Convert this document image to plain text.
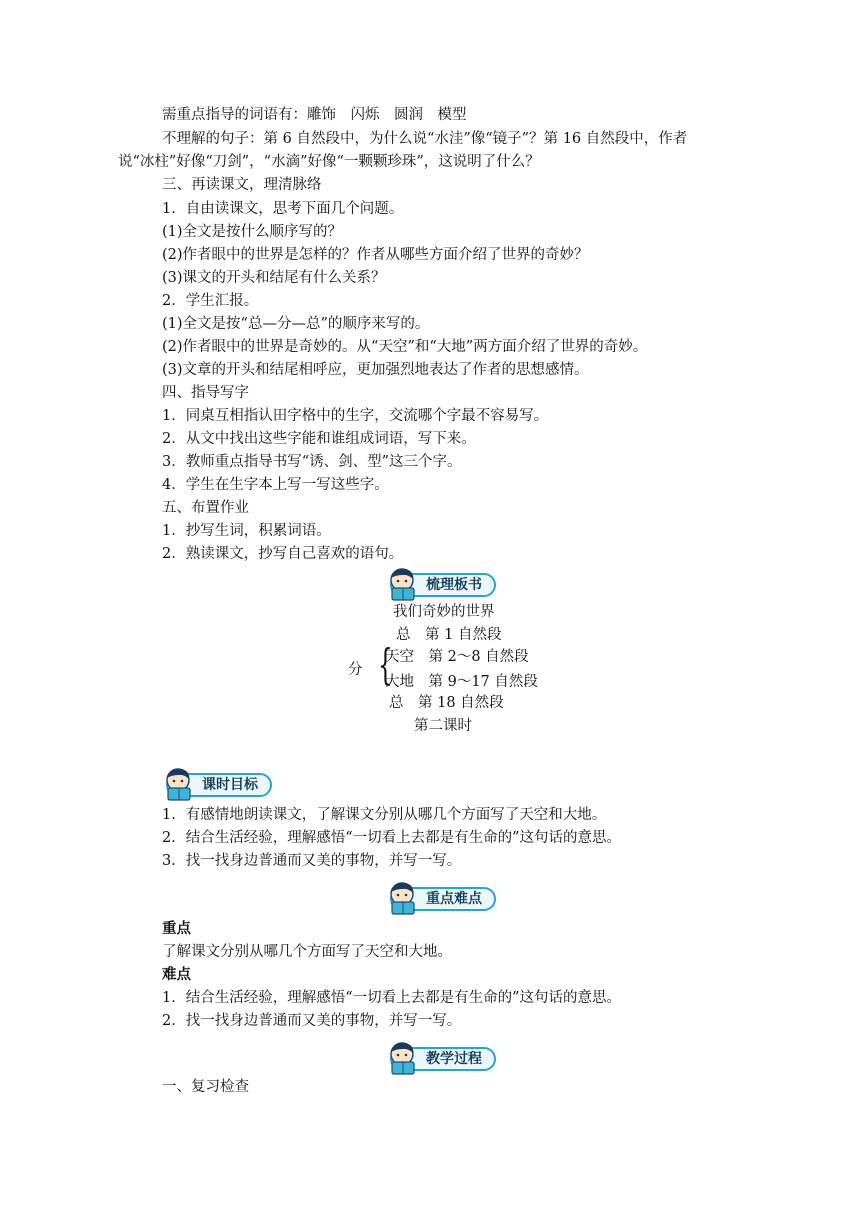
需重点指导的词语有：雕饰　闪烁　圆润　模型
不理解的句子：第 6 自然段中，为什么说“水洼”像“镜子”？第 16 自然段中，作者
说“冰柱”好像“刀剑”，“水滴”好像“一颗颗珍珠”，这说明了什么？
三、再读课文，理清脉络
1．自由读课文，思考下面几个问题。
(1)全文是按什么顺序写的？
(2)作者眼中的世界是怎样的？作者从哪些方面介绍了世界的奇妙？
(3)课文的开头和结尾有什么关系？
2．学生汇报。
(1)全文是按“总—分—总”的顺序来写的。
(2)作者眼中的世界是奇妙的。从“天空”和“大地”两方面介绍了世界的奇妙。
(3)文章的开头和结尾相呼应，更加强烈地表达了作者的思想感情。
四、指导写字
1．同桌互相指认田字格中的生字，交流哪个字最不容易写。
2．从文中找出这些字能和谁组成词语，写下来。
3．教师重点指导书写“诱、剑、型”这三个字。
4．学生在生字本上写一写这些字。
五、布置作业
1．抄写生词，积累词语。
2．熟读课文，抄写自己喜欢的语句。
梳理板书
我们奇妙的世界
总　第 1 自然段
分 {
天空　第 2～8 自然段
大地　第 9～17 自然段
总　第 18 自然段
第二课时
课时目标
1．有感情地朗读课文，了解课文分别从哪几个方面写了天空和大地。
2．结合生活经验，理解感悟“一切看上去都是有生命的”这句话的意思。
3．找一找身边普通而又美的事物，并写一写。
重点难点
重点
了解课文分别从哪几个方面写了天空和大地。
难点
1．结合生活经验，理解感悟“一切看上去都是有生命的”这句话的意思。
2．找一找身边普通而又美的事物，并写一写。
教学过程
一、复习检查
